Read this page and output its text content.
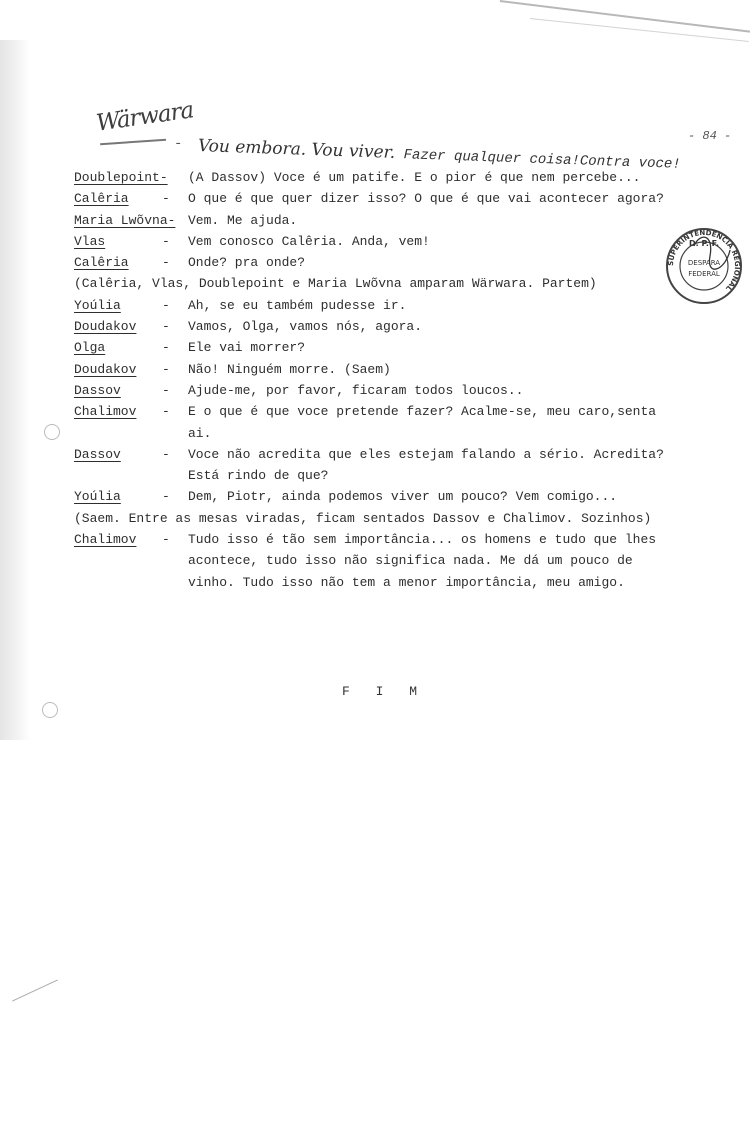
- 84 -
Wärwara
- Vou embora. Vou viver. Fazer qualquer coisa!Contra voce!
SUPERINTENDÊNCIA REGIONAL
D. P. F.
DESPARA
FEDERAL
Doublepoint- (A Dassov) Voce é um patife. E o pior é que nem percebe...
Calêria	- O que é que quer dizer isso? O que é que vai acontecer agora?
Maria Lwõvna- Vem. Me ajuda.
Vlas	- Vem conosco Calêria. Anda, vem!
Calêria	- Onde? pra onde?
(Calêria, Vlas, Doublepoint e Maria Lwõvna amparam Wärwara. Partem)
Yoúlia	- Ah, se eu também pudesse ir.
Doudakov - Vamos, Olga, vamos nós, agora.
Olga	- Ele vai morrer?
Doudakov - Não! Ninguém morre. (Saem)
Dassov	- Ajude-me, por favor, ficaram todos loucos..
Chalimov - E o que é que voce pretende fazer? Acalme-se, meu caro,senta
ai.
Dassov	- Voce não acredita que eles estejam falando a sério. Acredita?
Está rindo de que?
Yoúlia	- Dem, Piotr, ainda podemos viver um pouco? Vem comigo...
(Saem. Entre as mesas viradas, ficam sentados Dassov e Chalimov. Sozinhos)
Chalimov - Tudo isso é tão sem importância... os homens e tudo que lhes
acontece, tudo isso não significa nada. Me dá um pouco de
vinho. Tudo isso não tem a menor importância, meu amigo.
F I M
